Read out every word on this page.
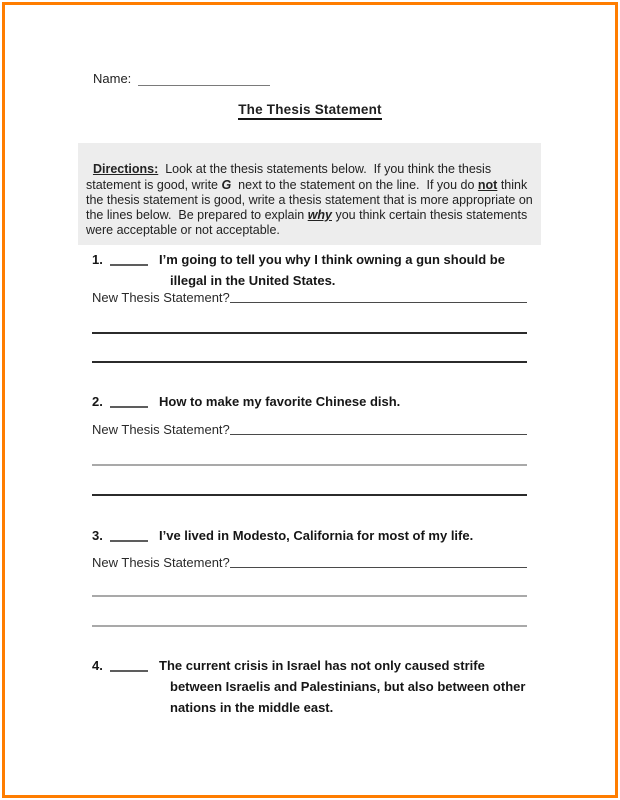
Name:
The Thesis Statement

Directions:  Look at the thesis statements below.  If you think the thesis statement is good, write G  next to the statement on the line.  If you do not think the thesis statement is good, write a thesis statement that is more appropriate on the lines below.  Be prepared to explain why you think certain thesis statements were acceptable or not acceptable.

1.	I’m going to tell you why I think owning a gun should be
illegal in the United States.
New Thesis Statement?
2.	How to make my favorite Chinese dish.
New Thesis Statement?
3.	I’ve lived in Modesto, California for most of my life.
New Thesis Statement?
4.	The current crisis in Israel has not only caused strife
between Israelis and Palestinians, but also between other
nations in the middle east.
